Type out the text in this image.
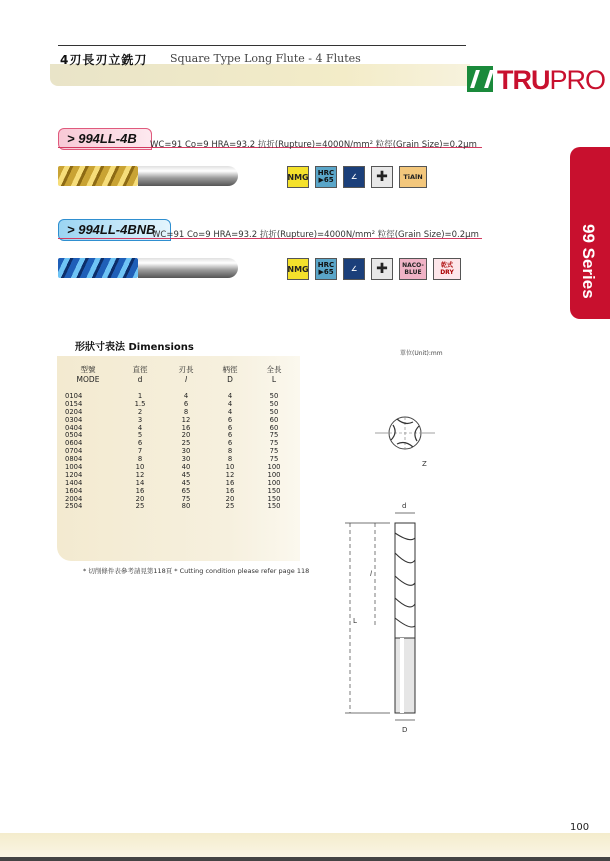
4刃長刃立銑刀 Square Type Long Flute - 4 Flutes
TRUPRO
99 Series
> 994LL-4B	WC=91 Co=9 HRA=93.2 抗折(Rupture)=4000N/mm² 粒徑(Grain Size)=0.2μm
NMG	HRC ▶65	∠	✚	TiAlN
> 994LL-4BNB
WC=91 Co=9 HRA=93.2 抗折(Rupture)=4000N/mm² 粒徑(Grain Size)=0.2μm
NMG	HRC ▶65	∠	✚	NACO-BLUE
乾式 DRY
形狀寸表法 Dimensions
單位(Unit):mm
型號	直徑	刃長	柄徑	全長
MODE	d	l	D	L
0104	1	4	4	50
0154	1.5	6	4	50
0204	2	8	4	50
0304	3	12	6	60
0404	4	16	6	60
0504	5	20	6	75
0604	6	25	6	75
0704	7	30	8	75
0804	8	30	8	75
1004	10	40	10	100
1204	12	45	12	100
1404	14	45	16	100
1604	16	65	16	150
2004	20	75	20	150
2504	25	80	25	150
* 切削條件表參考請見第118頁 * Cutting condition please refer page 118
Z
d
l
L
D
100
